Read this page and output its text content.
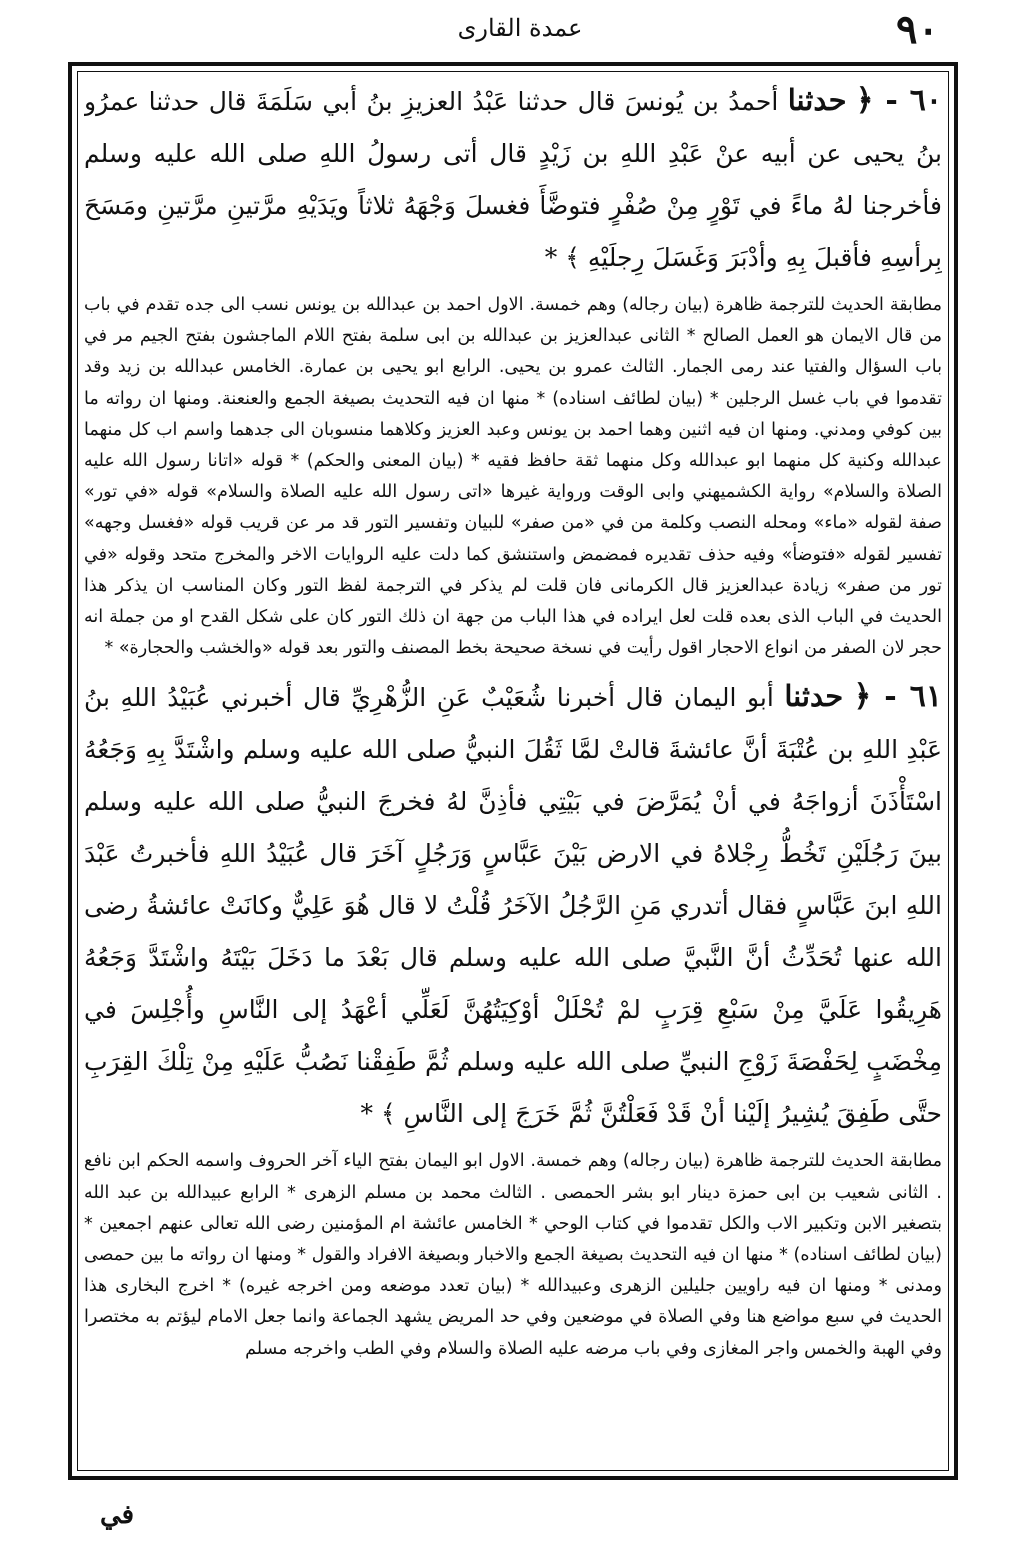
عمدة القارى	٩٠

٦٠ - ﴿ حدثنا أحمدُ بن يُونسَ قال حدثنا عَبْدُ العزيزِ بنُ أبي سَلَمَةَ قال حدثنا عمرُو بنُ يحيى عن أبيه عنْ عَبْدِ اللهِ بن زَيْدٍ قال أتى رسولُ اللهِ صلى الله عليه وسلم فأخرجنا لهُ ماءً في تَوْرٍ مِنْ صُفْرٍ فتوضَّأَ فغسلَ وَجْهَهُ ثلاثاً ويَدَيْهِ مرَّتينِ مرَّتينِ ومَسَحَ بِرأسِهِ فأقبلَ بِهِ وأدْبَرَ وَغَسَلَ رِجلَيْهِ ﴾ *

مطابقة الحديث للترجمة ظاهرة (بيان رجاله) وهم خمسة. الاول احمد بن عبدالله بن يونس نسب الى جده تقدم في باب من قال الايمان هو العمل الصالح * الثانى عبدالعزيز بن عبدالله بن ابى سلمة بفتح اللام الماجشون بفتح الجيم مر في باب السؤال والفتيا عند رمى الجمار. الثالث عمرو بن يحيى. الرابع ابو يحيى بن عمارة. الخامس عبدالله بن زيد وقد تقدموا في باب غسل الرجلين * (بيان لطائف اسناده) * منها ان فيه التحديث بصيغة الجمع والعنعنة. ومنها ان رواته ما بين كوفي ومدني. ومنها ان فيه اثنين وهما احمد بن يونس وعبد العزيز وكلاهما منسوبان الى جدهما واسم اب كل منهما عبدالله وكنية كل منهما ابو عبدالله وكل منهما ثقة حافظ فقيه * (بيان المعنى والحكم) * قوله «اتانا رسول الله عليه الصلاة والسلام» رواية الكشميهني وابى الوقت ورواية غيرها «اتى رسول الله عليه الصلاة والسلام» قوله «في تور» صفة لقوله «ماء» ومحله النصب وكلمة من في «من صفر» للبيان وتفسير التور قد مر عن قريب قوله «فغسل وجهه» تفسير لقوله «فتوضأ» وفيه حذف تقديره فمضمض واستنشق كما دلت عليه الروايات الاخر والمخرج متحد وقوله «في تور من صفر» زيادة عبدالعزيز قال الكرمانى فان قلت لم يذكر في الترجمة لفظ التور وكان المناسب ان يذكر هذا الحديث في الباب الذى بعده قلت لعل ايراده في هذا الباب من جهة ان ذلك التور كان على شكل القدح او من جملة انه حجر لان الصفر من انواع الاحجار اقول رأيت في نسخة صحيحة بخط المصنف والتور بعد قوله «والخشب والحجارة» *

٦١ - ﴿ حدثنا أبو اليمان قال أخبرنا شُعَيْبٌ عَنِ الزُّهْرِيِّ قال أخبرني عُبَيْدُ اللهِ بنُ عَبْدِ اللهِ بن عُتْبَةَ أنَّ عائشةَ قالتْ لمَّا ثَقُلَ النبيُّ صلى الله عليه وسلم واشْتَدَّ بِهِ وَجَعُهُ اسْتَأْذَنَ أزواجَهُ في أنْ يُمَرَّضَ في بَيْتِي فأذِنَّ لهُ فخرجَ النبيُّ صلى الله عليه وسلم بينَ رَجُلَيْنِ تَخُطُّ رِجْلاهُ في الارض بَيْنَ عَبَّاسٍ وَرَجُلٍ آخَرَ قال عُبَيْدُ اللهِ فأخبرتُ عَبْدَ اللهِ ابنَ عَبَّاسٍ فقال أتدري مَنِ الرَّجُلُ الآخَرُ قُلْتُ لا قال هُوَ عَلِيٌّ وكانَتْ عائشةُ رضى الله عنها تُحَدِّثُ أنَّ النَّبيَّ صلى الله عليه وسلم قال بَعْدَ ما دَخَلَ بَيْتَهُ واشْتَدَّ وَجَعُهُ هَرِيقُوا عَلَيَّ مِنْ سَبْعِ قِرَبٍ لمْ تُحْلَلْ أوْكِيَتُهُنَّ لَعَلِّي أعْهَدُ إلى النَّاسِ وأُجْلِسَ في مِخْضَبٍ لِحَفْصَةَ زَوْجِ النبيِّ صلى الله عليه وسلم ثُمَّ طَفِقْنا نَصُبُّ عَلَيْهِ مِنْ تِلْكَ القِرَبِ حتَّى طَفِقَ يُشِيرُ إلَيْنا أنْ قَدْ فَعَلْتُنَّ ثُمَّ خَرَجَ إلى النَّاسِ ﴾ *

مطابقة الحديث للترجمة ظاهرة (بيان رجاله) وهم خمسة. الاول ابو اليمان بفتح الياء آخر الحروف واسمه الحكم ابن نافع . الثانى شعيب بن ابى حمزة دينار ابو بشر الحمصى . الثالث محمد بن مسلم الزهرى * الرابع عبيدالله بن عبد الله بتصغير الابن وتكبير الاب والكل تقدموا في كتاب الوحي * الخامس عائشة ام المؤمنين رضى الله تعالى عنهم اجمعين * (بيان لطائف اسناده) * منها ان فيه التحديث بصيغة الجمع والاخبار وبصيغة الافراد والقول * ومنها ان رواته ما بين حمصى ومدنى * ومنها ان فيه راويين جليلين الزهرى وعبيدالله * (بيان تعدد موضعه ومن اخرجه غيره) * اخرج البخارى هذا الحديث في سبع مواضع هنا وفي الصلاة في موضعين وفي حد المريض يشهد الجماعة وانما جعل الامام ليؤتم به مختصرا وفي الهبة والخمس واجر المغازى وفي باب مرضه عليه الصلاة والسلام وفي الطب واخرجه مسلم

في
